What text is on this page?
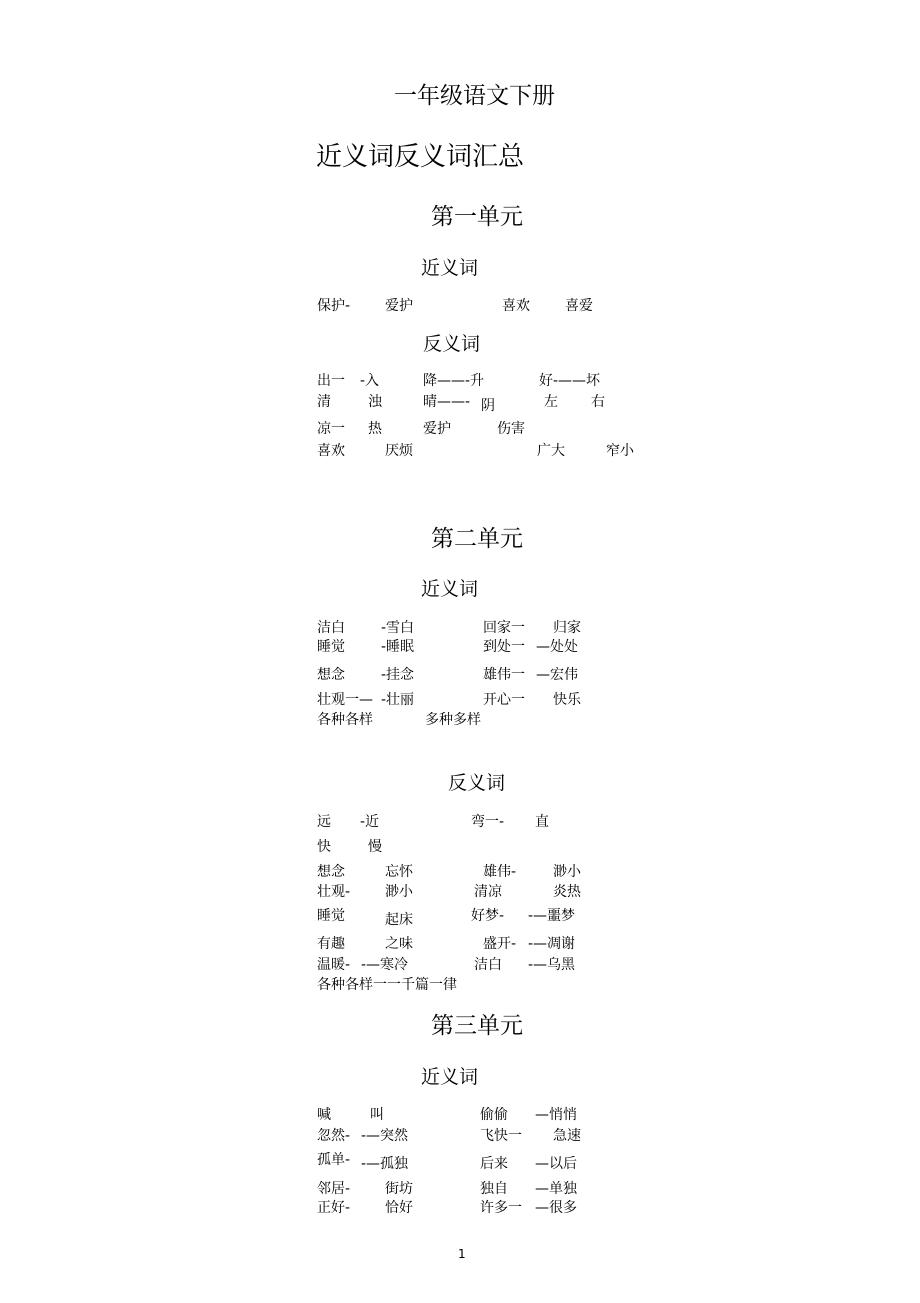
一年级语文下册
近义词反义词汇总
第一单元
近义词
保护- 爱护	喜欢	喜爱
反义词
出一 -入	降——-升	好-——坏
清	浊	晴——- 阴	左 右
凉一 热	爱护	伤害
喜欢	厌烦	广大	窄小
第二单元
近义词
洁白	-雪白	回家一 归家
睡觉	-睡眠	到处一 —处处
想念	-挂念	雄伟一 —宏伟
壮观一— -壮丽	开心一 快乐
各种各样	多种多样
反义词
远 -近	弯一- 直
快	慢
想念	忘怀	雄伟-	渺小
壮观- 渺小	清凉	炎热
睡觉	起床	好梦- -—噩梦
有趣	之味	盛开- -—凋谢
温暖- -—寒冷	洁白 -—乌黑
各种各样一一千篇一律
第三单元
近义词
喊	叫	偷偷 —悄悄
忽然- -—突然	飞快一 急速
孤单- -—孤独	后来 —以后
邻居- 街坊	独自 —单独
正好- 恰好	许多一 —很多
1
